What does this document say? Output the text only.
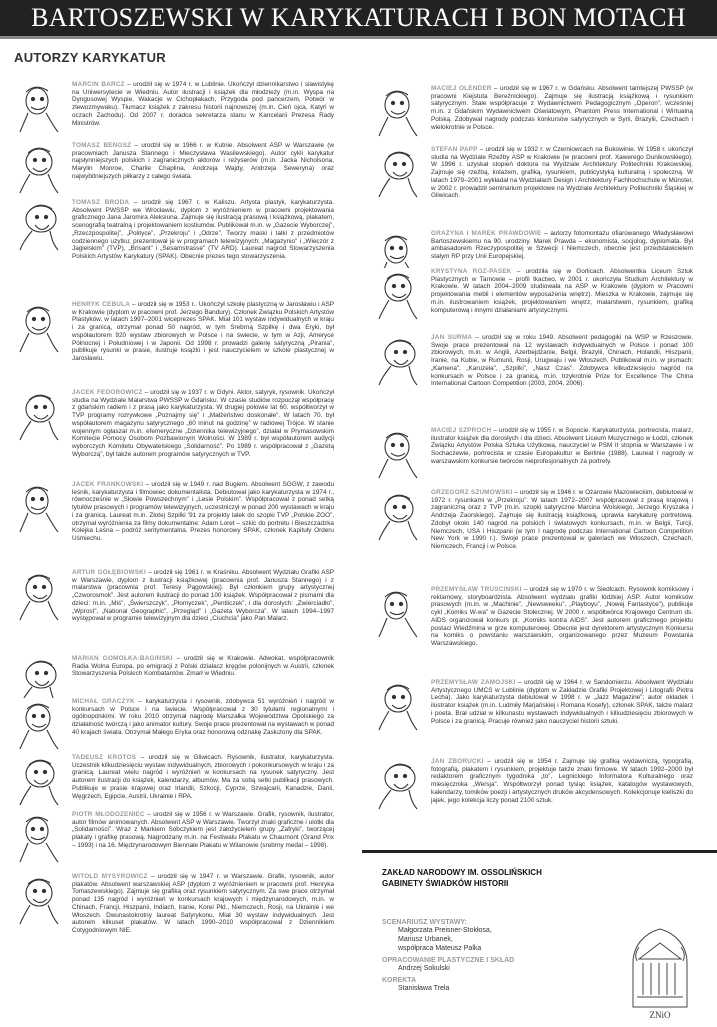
BARTOSZEWSKI W KARYKATURACH I BON MOTACH
AUTORZY KARYKATUR
MARCIN BARCZ – urodził się w 1974 r. w Lublinie. Ukończył dziennikarstwo i slawistykę na Uniwersytecie w Wiedniu. Autor ilustracji i książek dla młodzieży (m.in. Wyspa na Dyngusowej Wyspie, Wakacje w Cichopłakach, Przygoda pod pancerzem, Potwór w zlewozmywaku). Tłumacz książek z zakresu historii najnowszej (m.in. Cień ojca, Katyń w oczach Zachodu). Od 2007 r. doradca sekretarza stanu w Kancelarii Prezesa Rady Ministrów.
TOMASZ BENGSZ – urodził się w 1966 r. w Kutnie. Absolwent ASP w Warszawie (w pracowniach Janusza Stannego i Mieczysława Wasilewskiego). Autor cykli karykatur najsłynniejszych polskich i zagranicznych aktorów i reżyserów (m.in. Jacka Nicholsona, Marylin Monroe, Charlie Chaplina, Andrzeja Wajdy, Andrzeja Sewerynа) oraz najwybitniejszych piłkarzy z całego świata.
TOMASZ BRODA – urodził się 1967 r. w Kaliszu. Artysta plastyk, karykaturzysta. Absolwent PWSSP we Wrocławiu, dyplom z wyróżnieniem w pracowni projektowania graficznego Jana Jaromira Aleksiuna. Zajmuje się ilustracją prasową i książkową, plakatem, scenografią teatralną i projektowaniem kostiumów. Publikował m.in. w „Gazecie Wyborczej”, „Rzeczpospolitej”, „Polityce”, „Przekroju” i „Odrze”. Tworzy maski i lalki z przedmiotów codziennego użytku; prezentował je w programach telewizyjnych: „Magazynio” i „Wieczór z Jagielskim” (TVP), „Brisant” i „Sesamstrasse” (TV ARD). Laureat nagród Stowarzyszenia Polskich Artystów Karykatury (SPAK). Obecnie prezes tego stowarzyszenia.
HENRYK CEBULA – urodził się w 1953 r.. Ukończył szkołę plastyczną w Jarosławiu i ASP w Krakowie (dyplom w pracowni prof. Jerzego Bandury). Członek Związku Polskich Artystów Plastyków, w latach 1997–2001 wiceprezes SPAK. Miał 101 wystaw indywidualnych w kraju i za granicą, otrzymał ponad 50 nagród, w tym Srebrną Szpilkę i dwa Eryki, był współautorem 920 wystaw zbiorowych w Polsce i na świecie, w tym w Azji, Ameryce Północnej i Południowej i w Japonii. Od 1998 r. prowadzi galerię satyryczną „Pirania”, publikuje rysunki w prasie, ilustruje książki i jest nauczycielem w szkole plastycznej w Jarosławiu.
JACEK FEDOROWICZ – urodził się w 1937 r. w Gdyni. Aktor, satyryk, rysownik. Ukończył studia na Wydziale Malarstwa PWSSP w Gdańsku. W czasie studiów rozpoczął współpracę z gdańskim radiem i z prasą jako karykaturzysta. W drugiej połowie lat 60. współtworzył w TVP programy rozrywkowe „Poznajmy się” i „Małżeństwo doskonałe”. W latach 70. był współautorem magazynu satyrycznego „60 minut na godzinę” w radiowej Trójce. W stanie wojennym ogłaszał m.in. efemeryczne „Dziennika telewizyjnego”, działał w Prymasowskim Komitecie Pomocy Osobom Pozbawionym Wolności. W 1989 r. był współautorem audycji wyborczych Komitetu Obywatelskiego „Solidarność”. Po 1989 r. współpracował z „Gazetą Wyborczą”, był także autorem programów satyrycznych w TVP.
JACEK FRANKOWSKI – urodził się w 1949 r. nad Bugiem. Absolwent SGGW, z zawodu leśnik, karykaturzysta i filmowiec dokumentalista. Debiutował jako karykaturzysta w 1974 r., równocześnie w „Słowie Powszechnym” i „Lesie Polskim”. Współpracował z ponad setką tytułów prasowych i programów telewizyjnych, uczestniczył w ponad 200 wystawach w kraju i za granicą. Laureat m.in. Złotej Szpilki '91 za projekty lalek do szopki TVP „Polskie ZOO”, otrzymał wyróżnienia za filmy dokumentalne: Adam Loret – szkic do portretu i Bieszczadzka Kolejka Leśna – podróż sentymentalna. Prezes honorowy SPAK, członek Kapituły Orderu Uśmiechu.
ARTUR GOŁĘBIOWSKI – urodził się 1961 r. w Kraśniku. Absolwent Wydziału Grafiki ASP w Warszawie, dyplom z ilustracji książkowej (pracownia prof. Janusza Stannego) i z malarstwa (pracownia prof. Teresy Pągowskiej). Był członkiem grupy artystycznej „Czworosmok”. Jest autorem ilustracji do ponad 100 książek. Współpracował z pismami dla dzieci: m.in. „Miś”, „Świerszczyk”, „Płomyczek”, „Pentliczek”, i dla dorosłych: „Zwierciadło”, „Wprost”, „National Geographic”, „Przegląd” i „Gazeta Wyborcza”. W latach 1994–1997 występował w programie telewizyjnym dla dzieci „Ciuchcia” jako Pan Malarz.
MARIAN GOMÓŁKA-BAGIŃSKI – urodził się w Krakowie. Adwokat, współpracownik Radia Wolna Europa, po emigracji z Polski działacz kręgów polonijnych w Austrii, członek Stowarzyszenia Polskich Kombatantów. Zmarł w Wiedniu.
MICHAŁ GRACZYK – karykaturzysta i rysownik, zdobywca 51 wyróżnień i nagród w konkursach w Polsce i na świecie. Współpracował z 30 tytułami regionalnymi i ogólnopolskimi. W roku 2010 otrzymał nagrodę Marszałka Województwa Opolskiego za działalność twórczą i jako animator kultury. Swoje prace prezentował na wystawach w ponad 40 krajach świata. Otrzymał Małego Eryka oraz honorową odznakę Zasłużony dla SPAK.
TADEUSZ KROTOS – urodził się w Gliwicach. Rysownik, ilustrator, karykaturzysta. Uczestnik kilkudziesięciu wystaw indywidualnych, zbiorowych i pokonkursowych w kraju i za granicą. Laureat wielu nagród i wyróżnień w konkursach na rysunek satyryczny. Jest autorem ilustracji do książek, kalendarzy, albumów. Ma za sobą setki publikacji prasowych. Publikuje w prasie krajowej oraz Irlandii, Szkocji, Cyprze, Szwajcarii, Kanadzie, Danii, Węgrzech, Egipcie, Austrii, Ukrainie i RPA.
PIOTR MŁODOŻENIEC – urodził się w 1956 r. w Warszawie. Grafik, rysownik, ilustrator, autor filmów animowanych. Absolwent ASP w Warszawie. Tworzył znaki graficzne i ulotki dla „Solidarności”. Wraz z Markiem Sobczykiem jest założycielem grupy „Zafryki”, tworzącej plakaty i grafikę prasową. Nagrodzany m.in. na Festiwalu Plakatu w Chaumont (Grand Prix – 1993) i na 16. Międzynarodowym Biennale Plakatu w Wilanowie (srebrny medal – 1998).
WITOLD MYSYROWICZ – urodził się w 1947 r. w Warszawie. Grafik, rysownik, autor plakatów. Absolwent warszawskiej ASP (dyplom z wyróżnieniem w pracowni prof. Henryka Tomaszewskiego). Zajmuje się grafiką oraz rysunkiem satyrycznym. Za swe prace otrzymał ponad 135 nagród i wyróżnień w konkursach krajowych i międzynarodowych, m.in. w Chinach, Francji, Hiszpanii, Indiach, Iranie, Korei Płd., Niemczech, Rosji, na Ukrainie i we Włoszech. Dwunastokrotny laureat Satyrykonu. Miał 30 wystaw indywidualnych. Jest autorem kilkuset plakatów. W latach 1990–2010 współpracował z Dziennikiem Cotygodniowym NIE.
MACIEJ OLENDER – urodził się w 1967 r. w Gdańsku. Absolwent tamtejszej PWSSP (w pracowni Kiejstuta Bereźnickiego). Zajmuje się ilustracją książkową i rysunkiem satyrycznym. Stale współpracuje z Wydawnictwem Pedagogicznym „Operon”, wcześniej m.in. z Gdańskim Wydawnictwem Oświatowym, Phantom Press International i Wirtualną Polską. Zdobywał nagrody podczas konkursów satyrycznych w Syrii, Brazylii, Czechach i wielokrotnie w Polsce.
STEFAN PAPP – urodził się w 1932 r. w Czerniowcach na Bukowinie. W 1958 r. ukończył studia na Wydziale Rzeźby ASP w Krakowie (w pracowni prof. Xawerego Dunikowskiego). W 1996 r. uzyskał stopień doktora na Wydziale Architektury Politechniki Krakowskiej. Zajmuje się rzeźbą, kolażem, grafiką, rysunkiem, publicystyką kulturalną i społeczną. W latach 1979–2001 wykładał na Wydziałach Design i Architektury Fachhochschule w Münster, w 2002 r. prowadził seminarium projektowe na Wydziale Architektury Politechniki Śląskiej w Gliwicach.
GRAŻYNA I MAREK PRAWDOWIE – autorzy fotomontażu ofiarowanego Władysławowi Bartoszewskiemu na 90. urodziny. Marek Prawda – ekonomista, socjolog, dyplomata. Był ambasadorem Rzeczypospolitej w Szwecji i Niemczech, obecnie jest przedstawicielem stałym RP przy Unii Europejskiej.
KRYSTYNA RÓŻ-PASEK – urodziła się w Gorlicach. Absolwentka Liceum Sztuk Plastycznych w Tarnowie – profil tkactwo, w 2001 r. ukończyła Studium Architektury w Krakowie. W latach 2004–2009 studiowała na ASP w Krakowie (dyplom w Pracowni projektowania mebli i elementów wyposażenia wnętrz). Mieszka w Krakowie, zajmuje się m.in. ilustrowaniem książek, projektowaniem wnętrz, malarstwem, rysunkiem, grafiką komputerową i innymi działaniami artystycznymi.
JAN SURMA – urodził się w roku 1949. Absolwent pedagogiki na WSP w Rzeszowie. Swoje prace prezentował na 12 wystawach indywidualnych w Polsce i ponad 100 zbiorowych, m.in. w Anglii, Azerbejdżanie, Belgii, Brazylii, Chinach, Holandii, Hiszpanii, Iranie, na Kubie, w Rumunii, Rosji, Urugwaju i we Włoszech. Publikował m.in. w pismach: „Kamena”, „Karuzela”, „Szpilki”, „Nasz Czas”. Zdobywca kilkudziesięciu nagród na konkursach w Polsce i za granicą, m.in. trzykrotnie Prize for Excellence The China International Cartoon Competition (2003, 2004, 2006).
MACIEJ SZPROCH – urodził się w 1955 r. w Sopocie. Karykaturzysta, portrecista, malarz, ilustrator książek dla dorosłych i dla dzieci. Absolwent Liceum Muzycznego w Łodzi, członek Związku Artystów Polska Sztuka Użytkowa, nauczyciel w PSM II stopnia w Warszawie i w Sochaczewie, portrecista w czasie Europakultur w Berlinie (1988). Laureat I nagrody w warszawskim konkursie twórców nieprofesjonalnych za portrety.
GRZEGORZ SZUMOWSKI – urodził się w 1946 r. w Ożarowie Mazowieckim, debiutował w 1972 r. rysunkami w „Przekroju”. W latach 1972–2007 współpracował z prasą krajową i zagraniczną oraz z TVP (m.in. szopki satyryczne Marcina Wolskiego, Jerzego Kryszaka i Andrzeja Zaorskiego). Zajmuje się ilustracją książkową, uprawia karykaturę portretową. Zdobył około 140 nagród na polskich i światowych konkursach, m.in. w Belgii, Turcji, Niemczech, USA i Hiszpanii (w tym I nagrodę podczas International Cartoon Competition New York w 1990 r.). Swoje prace prezentował w galeriach we Włoszech, Czechach, Niemczech, Francji i w Polsce.
PRZEMYSŁAW TRUŚCIŃSKI – urodził się w 1970 r. w Siedlcach. Rysownik komiksowy i reklamowy, storyboardzista. Absolwent wydziału grafiki łódzkiej ASP. Autor komiksów prasowych (m.in. w „Machinie”, „Newsweeku”, „Playboyu”, „Nowej Fantastyce”), publikuje cykl „Komiks W-wa” w Gazecie Stołecznej. W 2000 r. współtwórca Krajowego Centrum ds. AIDS organizował konkurs pt. „Komiks kontra AIDS”. Jest autorem graficznego projektu postaci Wiedźmina w grze komputerowej. Obecnie jest dyrektorem artystycznym Konkursu na komiks o powstaniu warszawskim, organizowanego przez Muzeum Powstania Warszawskiego.
PRZEMYSŁAW ZAMOJSKI – urodził się w 1964 r. w Sandomierzu. Absolwent Wydziału Artystycznego UMCS w Lublinie (dyplom w Zakładzie Grafiki Projektowej i Litografii Piotra Lecha). Jako karykaturzysta debiutował w 1998 r. w „Jazz Magazine”; autor okładek i ilustrator książek (m.in. Ludmiły Marjańskiej i Romana Kosefy), członek SPAK, także malarz i poeta. Brał udział w kilkunastu wystawach indywidualnych i kilkudziesięciu zbiorowych w Polsce i za granicą. Pracuje również jako nauczyciel historii sztuki.
JAN ZBORUCKI – urodził się w 1954 r. Zajmuje się grafiką wydawniczą, typografią, fotografią, plakatem i rysunkiem, projektuje także znaki firmowe. W latach 1992–2000 był redaktorem graficznym tygodnika „to”, Legnickiego Informatora Kulturalnego oraz miesięcznika „Wersja”. Współtworzył ponad tysiąc książek, katalogów wystawowych, kalendarzy, tomików poezji i artystycznych druków akcydensowych. Kolekcjonuje kieliszki do jajek, jego kolekcja liczy ponad 2100 sztuk.
ZAKŁAD NARODOWY IM. OSSOLIŃSKICH
GABINETY ŚWIADKÓW HISTORII
SCENARIUSZ WYSTAWY:
Małgorzata Preisner-Stokłosa,
Mariusz Urbanek,
współpraca Mateusz Palka
OPRACOWANIE PLASTYCZNE I SKŁAD
Andrzej Sokulski
KOREKTA
Stanisława Trela
ZNiO
